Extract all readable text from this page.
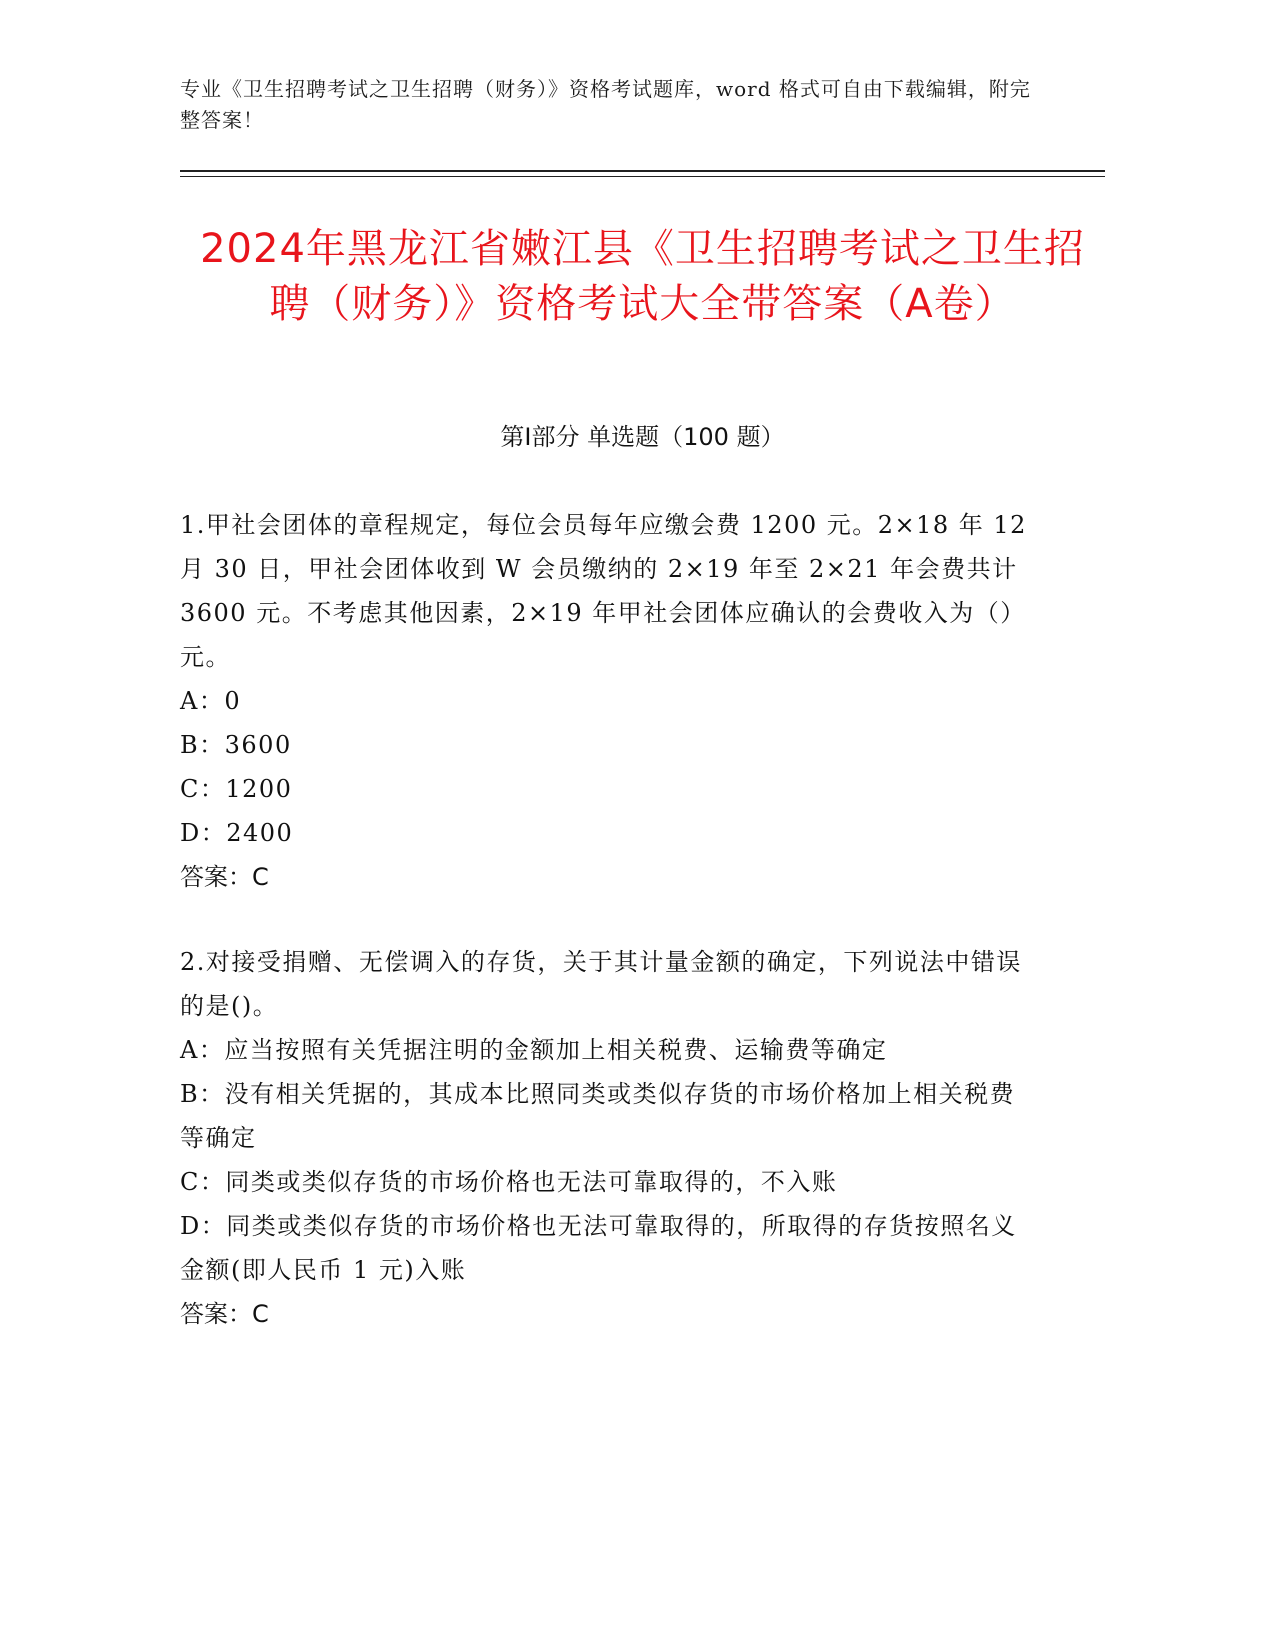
专业《卫生招聘考试之卫生招聘（财务）》资格考试题库，word 格式可自由下载编辑，附完整答案！
2024年黑龙江省嫩江县《卫生招聘考试之卫生招聘（财务）》资格考试大全带答案（A卷）
第Ⅰ部分 单选题（100 题）

1.甲社会团体的章程规定，每位会员每年应缴会费 1200 元。2×18 年 12 月 30 日，甲社会团体收到 W 会员缴纳的 2×19 年至 2×21 年会费共计 3600 元。不考虑其他因素，2×19 年甲社会团体应确认的会费收入为（）元。

A：0

B：3600

C：1200

D：2400

答案：C

2.对接受捐赠、无偿调入的存货，关于其计量金额的确定，下列说法中错误的是()。

A：应当按照有关凭据注明的金额加上相关税费、运输费等确定

B：没有相关凭据的，其成本比照同类或类似存货的市场价格加上相关税费等确定

C：同类或类似存货的市场价格也无法可靠取得的，不入账

D：同类或类似存货的市场价格也无法可靠取得的，所取得的存货按照名义金额(即人民币 1 元)入账

答案：C
